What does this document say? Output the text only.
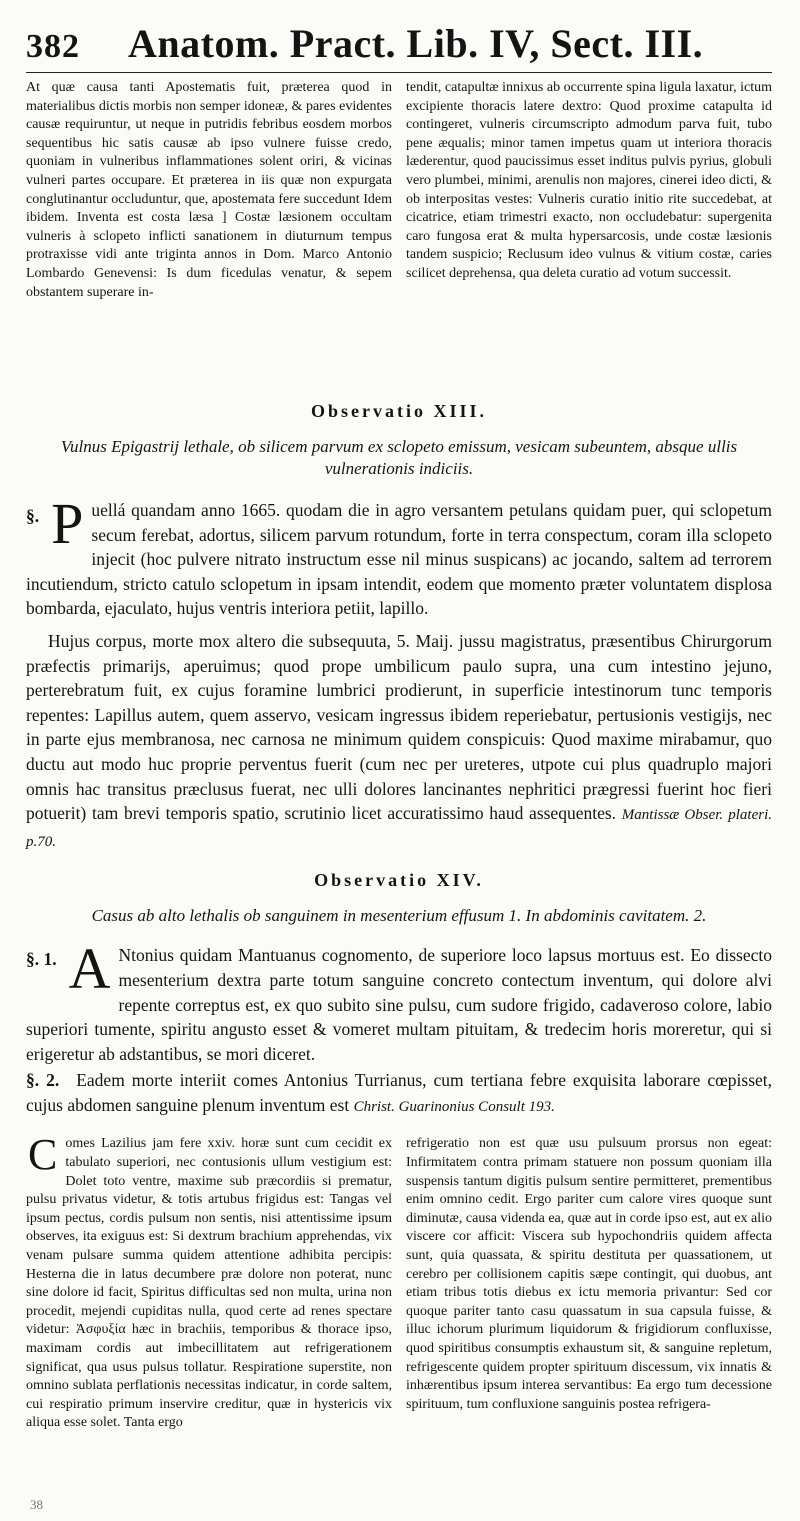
382 Anatom. Pract. Lib. IV, Sect. III.

At quæ causa tanti Apostematis fuit, præterea quod in materialibus dictis morbis non semper idoneæ, & pares evidentes causæ requiruntur, ut neque in putridis febribus eosdem morbos sequentibus hic satis causæ ab ipso vulnere fuisse credo, quoniam in vulneribus inflammationes solent oriri, & vicinas vulneri partes occupare. Et præterea in iis quæ non expurgata conglutinantur occluduntur, que, apostemata fere succedunt Idem ibidem. Inventa est costa læsa ] Costæ læsionem occultam vulneris à sclopeto inflicti sanationem in diuturnum tempus protraxisse vidi ante triginta annos in Dom. Marco Antonio Lombardo Genevensi: Is dum ficedulas venatur, & sepem obstantem superare in-

tendit, catapultæ innixus ab occurrente spina ligula laxatur, ictum excipiente thoracis latere dextro: Quod proxime catapulta id contingeret, vulneris circumscripto admodum parva fuit, tubo pene æqualis; minor tamen impetus quam ut interiora thoracis læderentur, quod paucissimus esset inditus pulvis pyrius, globuli vero plumbei, minimi, arenulis non majores, cinerei ideo dicti, & ob interpositas vestes: Vulneris curatio initio rite succedebat, at cicatrice, etiam trimestri exacto, non occludebatur: supergenita caro fungosa erat & multa hypersarcosis, unde costæ læsionis tandem suspicio; Reclusum ideo vulnus & vitium costæ, caries scilicet deprehensa, qua deleta curatio ad votum successit.

Observatio XIII.
Vulnus Epigastrij lethale, ob silicem parvum ex sclopeto emissum, vesicam subeuntem, absque ullis vulnerationis indiciis.

§. P uellá quandam anno 1665. quodam die in agro versantem petulans quidam puer, qui sclopetum secum ferebat, adortus, silicem parvum rotundum, forte in terra conspectum, coram illa sclopeto injecit (hoc pulvere nitrato instructum esse nil minus suspicans) ac jocando, saltem ad terrorem incutiendum, stricto catulo sclopetum in ipsam intendit, eodem que momento præter voluntatem displosa bombarda, ejaculato, hujus ventris interiora petiit, lapillo.

Hujus corpus, morte mox altero die subsequuta, 5. Maij. jussu magistratus, præsentibus Chirurgorum præfectis primarijs, aperuimus; quod prope umbilicum paulo supra, una cum intestino jejuno, perterebratum fuit, ex cujus foramine lumbrici prodierunt, in superficie intestinorum tunc temporis repentes: Lapillus autem, quem asservo, vesicam ingressus ibidem reperiebatur, pertusionis vestigijs, nec in parte ejus membranosa, nec carnosa ne minimum quidem conspicuis: Quod maxime mirabamur, quo ductu aut modo huc proprie perventus fuerit (cum nec per ureteres, utpote cui plus quadruplo majori omnis hac transitus præclusus fuerat, nec ulli dolores lancinantes nephritici prægressi fuerint hoc fieri potuerit) tam brevi temporis spatio, scrutinio licet accuratissimo haud assequentes. Mantissæ Obser. plateri. p.70.

Observatio XIV.
Casus ab alto lethalis ob sanguinem in mesenterium effusum 1. In abdominis cavitatem. 2.

§. 1. A Ntonius quidam Mantuanus cognomento, de superiore loco lapsus mortuus est. Eo dissecto mesenterium dextra parte totum sanguine concreto contectum inventum, qui dolore alvi repente correptus est, ex quo subito sine pulsu, cum sudore frigido, cadaveroso colore, labio superiori tumente, spiritu angusto esset & vomeret multam pituitam, & tredecim horis moreretur, qui si erigeretur ab adstantibus, se mori diceret.

§. 2. Eadem morte interiit comes Antonius Turrianus, cum tertiana febre exquisita laborare cœpisset, cujus abdomen sanguine plenum inventum est Christ. Guarinonius Consult 193.

C omes Lazilius jam fere xxiv. horæ sunt cum cecidit ex tabulato superiori, nec contusionis ullum vestigium est: Dolet toto ventre, maxime sub præcordiis si prematur, pulsu privatus videtur, & totis artubus frigidus est: Tangas vel ipsum pectus, cordis pulsum non sentis, nisi attentissime ipsum observes, ita exiguus est: Si dextrum brachium apprehendas, vix venam pulsare summa quidem attentione adhibita percipis: Hesterna die in latus decumbere præ dolore non poterat, nunc sine dolore id facit, Spiritus difficultas sed non multa, urina non procedit, mejendi cupiditas nulla, quod certe ad renes spectare videtur: Ἀσφυξία hæc in brachiis, temporibus & thorace ipso, maximam cordis aut imbecillitatem aut refrigerationem significat, qua usus pulsus tollatur. Respiratione superstite, non omnino sublata perflationis necessitas indicatur, in corde saltem, cui respiratio primum inservire creditur, quæ in hystericis vix aliqua esse solet. Tanta ergo

refrigeratio non est quæ usu pulsuum prorsus non egeat: Infirmitatem contra primam statuere non possum quoniam illa suspensis tantum digitis pulsum sentire permitteret, prementibus enim omnino cedit. Ergo pariter cum calore vires quoque sunt diminutæ, causa videnda ea, quæ aut in corde ipso est, aut ex alio viscere cor afficit: Viscera sub hypochondriis quidem affecta sunt, quia quassata, & spiritu destituta per quassationem, ut cerebro per collisionem capitis sæpe contingit, qui duobus, ant etiam tribus totis diebus ex ictu memoria privantur: Sed cor quoque pariter tanto casu quassatum in sua capsula fuisse, & illuc ichorum plurimum liquidorum & frigidiorum confluxisse, quod spiritibus consumptis exhaustum sit, & sanguine repletum, refrigescente quidem propter spirituum discessum, vix innatis & inhærentibus ipsum interea servantibus: Ea ergo tum decessione spirituum, tum confluxione sanguinis postea refrigera-

38
